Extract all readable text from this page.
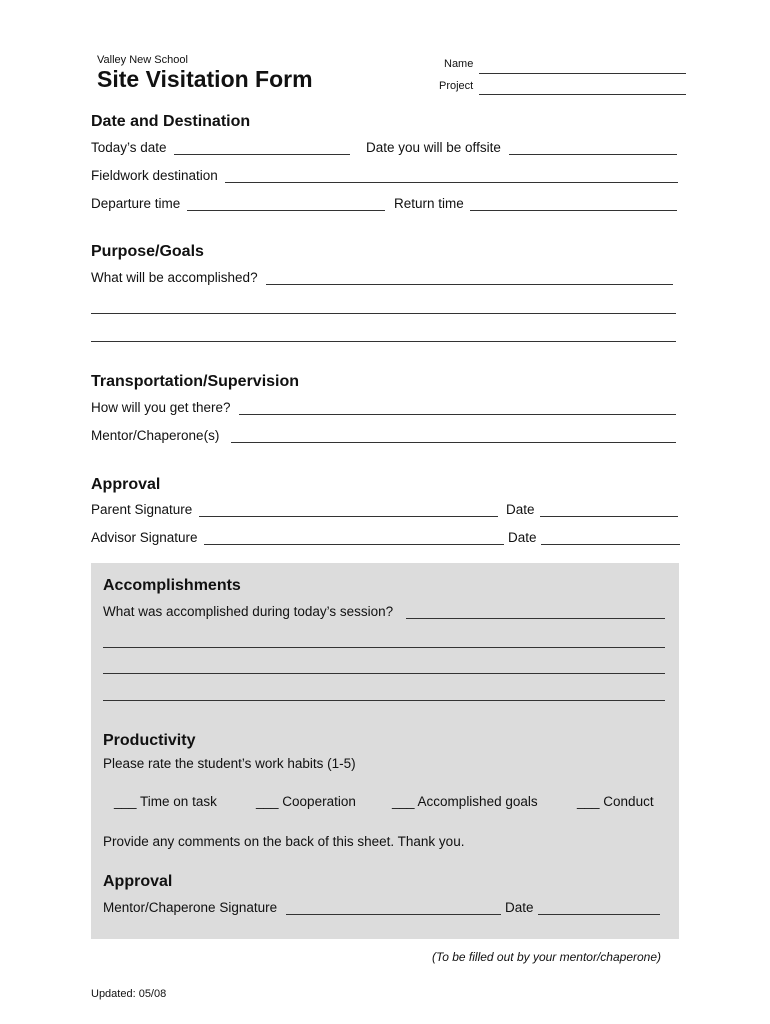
Valley New School
Site Visitation Form
Name
Project
Date and Destination
Today’s date	Date you will be offsite
Fieldwork destination
Departure time	Return time
Purpose/Goals
What will be accomplished?
Transportation/Supervision
How will you get there?
Mentor/Chaperone(s)
Approval
Parent Signature	Date
Advisor Signature	Date
Accomplishments
What was accomplished during today’s session?
Productivity
Please rate the student’s work habits (1-5)
___ Time on task	___ Cooperation	___ Accomplished goals	___ Conduct
Provide any comments on the back of this sheet. Thank you.
Approval
Mentor/Chaperone Signature	Date
(To be filled out by your mentor/chaperone)
Updated: 05/08
